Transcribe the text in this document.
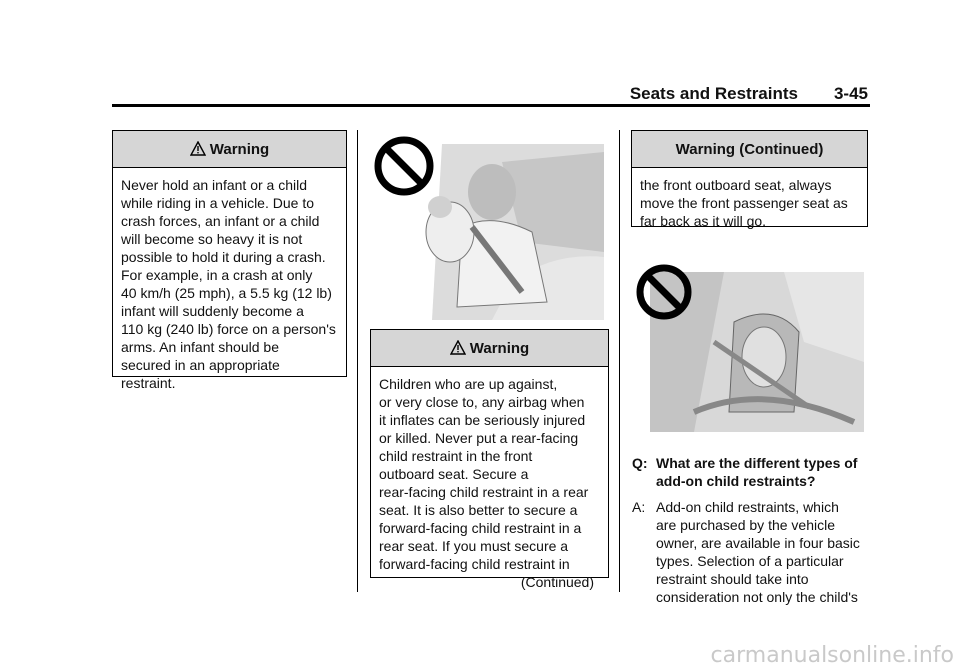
Seats and Restraints 3-45
Warning
Never hold an infant or a child
while riding in a vehicle. Due to
crash forces, an infant or a child
will become so heavy it is not
possible to hold it during a crash.
For example, in a crash at only
40 km/h (25 mph), a 5.5 kg (12 lb)
infant will suddenly become a
110 kg (240 lb) force on a person's
arms. An infant should be
secured in an appropriate
restraint.
Warning
Children who are up against,
or very close to, any airbag when
it inflates can be seriously injured
or killed. Never put a rear-facing
child restraint in the front
outboard seat. Secure a
rear-facing child restraint in a rear
seat. It is also better to secure a
forward-facing child restraint in a
rear seat. If you must secure a
forward-facing child restraint in
(Continued)
Warning (Continued)
the front outboard seat, always
move the front passenger seat as
far back as it will go.
Q: What are the different types of
add-on child restraints?
A: Add-on child restraints, which
are purchased by the vehicle
owner, are available in four basic
types. Selection of a particular
restraint should take into
consideration not only the child's
carmanualsonline.info
